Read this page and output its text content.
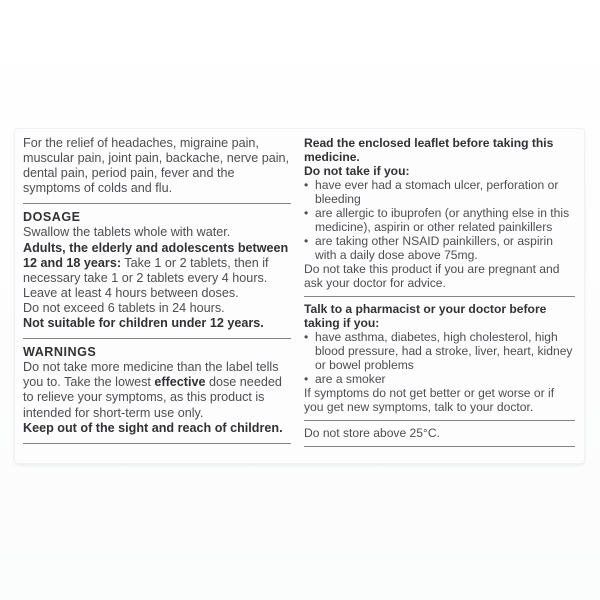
For the relief of headaches, migraine pain, muscular pain, joint pain, backache, nerve pain, dental pain, period pain, fever and the symptoms of colds and flu.
DOSAGE
Swallow the tablets whole with water.
Adults, the elderly and adolescents between 12 and 18 years: Take 1 or 2 tablets, then if necessary take 1 or 2 tablets every 4 hours.
Leave at least 4 hours between doses.
Do not exceed 6 tablets in 24 hours.
Not suitable for children under 12 years.
WARNINGS
Do not take more medicine than the label tells you to. Take the lowest effective dose needed to relieve your symptoms, as this product is intended for short-term use only.
Keep out of the sight and reach of children.
Read the enclosed leaflet before taking this medicine.
Do not take if you:
• have ever had a stomach ulcer, perforation or bleeding
• are allergic to ibuprofen (or anything else in this medicine), aspirin or other related painkillers
• are taking other NSAID painkillers, or aspirin with a daily dose above 75mg.
Do not take this product if you are pregnant and ask your doctor for advice.
Talk to a pharmacist or your doctor before taking if you:
• have asthma, diabetes, high cholesterol, high blood pressure, had a stroke, liver, heart, kidney or bowel problems
• are a smoker
If symptoms do not get better or get worse or if you get new symptoms, talk to your doctor.
Do not store above 25°C.
